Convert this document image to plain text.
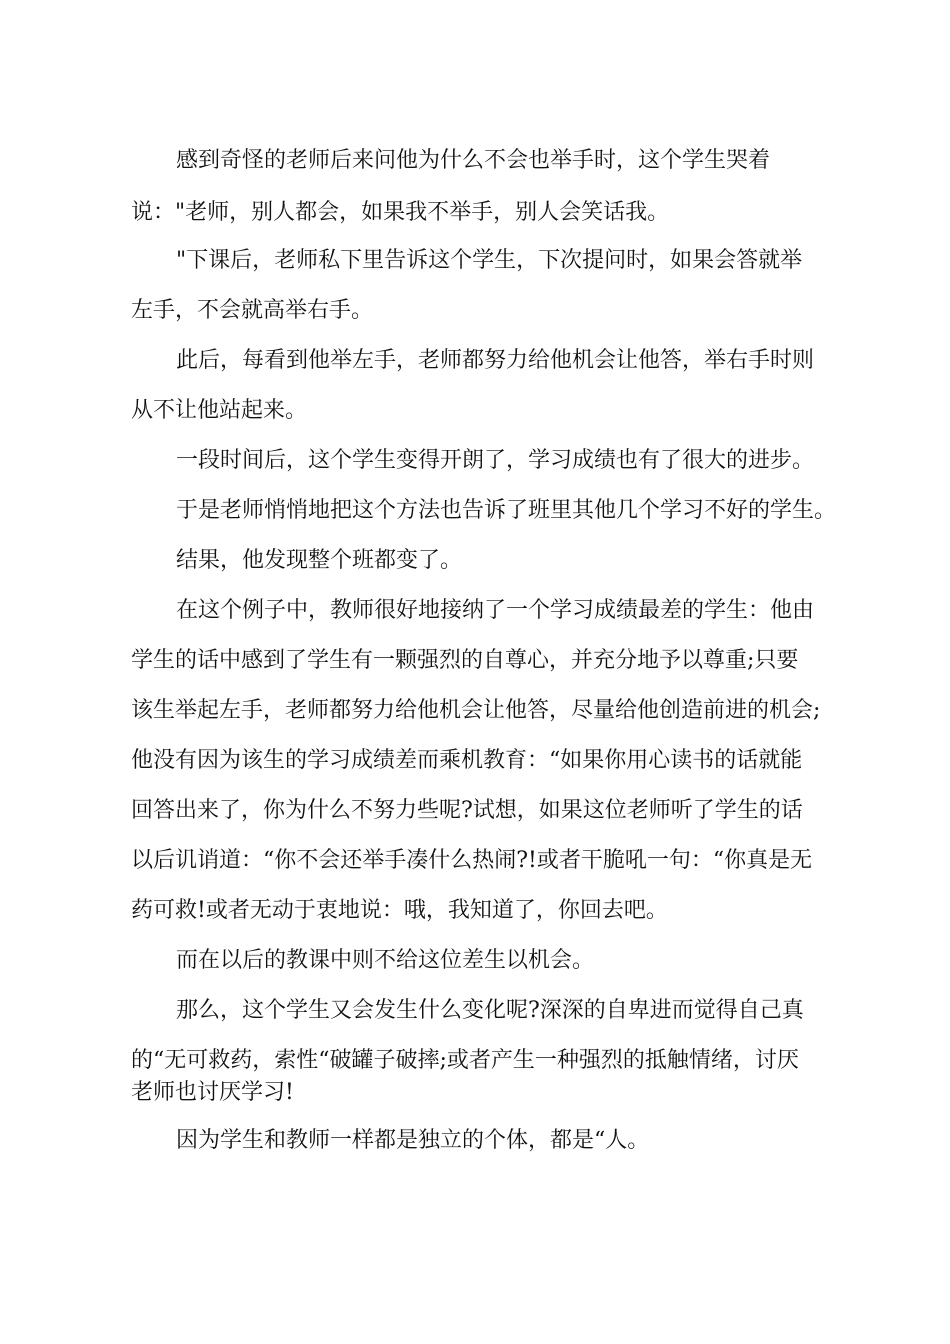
感到奇怪的老师后来问他为什么不会也举手时，这个学生哭着
说："老师，别人都会，如果我不举手，别人会笑话我。
"下课后，老师私下里告诉这个学生，下次提问时，如果会答就举
左手，不会就高举右手。
此后，每看到他举左手，老师都努力给他机会让他答，举右手时则
从不让他站起来。
一段时间后，这个学生变得开朗了，学习成绩也有了很大的进步。
于是老师悄悄地把这个方法也告诉了班里其他几个学习不好的学生。
结果，他发现整个班都变了。
在这个例子中，教师很好地接纳了一个学习成绩最差的学生：他由
学生的话中感到了学生有一颗强烈的自尊心，并充分地予以尊重;只要
该生举起左手，老师都努力给他机会让他答，尽量给他创造前进的机会;
他没有因为该生的学习成绩差而乘机教育：“如果你用心读书的话就能
回答出来了，你为什么不努力些呢?试想，如果这位老师听了学生的话
以后讥诮道：“你不会还举手凑什么热闹?!或者干脆吼一句：“你真是无
药可救!或者无动于衷地说：哦，我知道了，你回去吧。
而在以后的教课中则不给这位差生以机会。
那么，这个学生又会发生什么变化呢?深深的自卑进而觉得自己真
的“无可救药，索性“破罐子破摔;或者产生一种强烈的抵触情绪，讨厌
老师也讨厌学习!
因为学生和教师一样都是独立的个体，都是“人。
